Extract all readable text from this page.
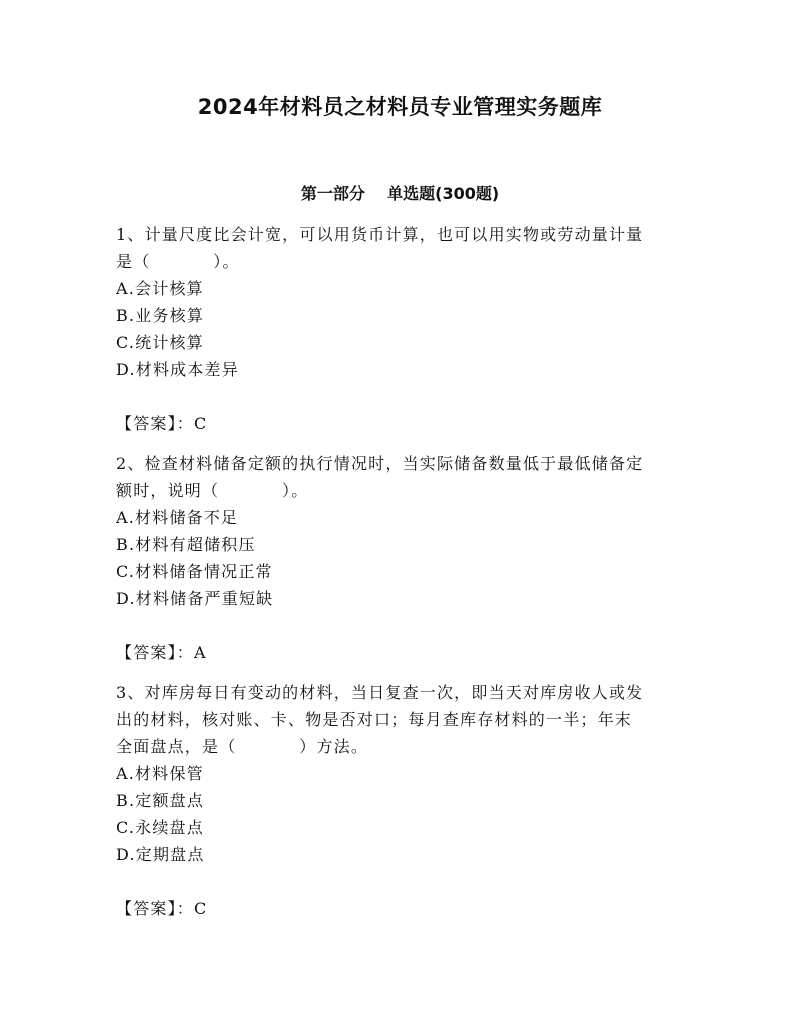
2024年材料员之材料员专业管理实务题库
第一部分    单选题(300题)
1、计量尺度比会计宽，可以用货币计算，也可以用实物或劳动量计量
是（          ）。
A.会计核算
B.业务核算
C.统计核算
D.材料成本差异
【答案】：C
2、检查材料储备定额的执行情况时，当实际储备数量低于最低储备定
额时，说明（          ）。
A.材料储备不足
B.材料有超储积压
C.材料储备情况正常
D.材料储备严重短缺
【答案】：A
3、对库房每日有变动的材料，当日复查一次，即当天对库房收人或发
出的材料，核对账、卡、物是否对口；每月查库存材料的一半；年末
全面盘点，是（          ）方法。
A.材料保管
B.定额盘点
C.永续盘点
D.定期盘点
【答案】：C
